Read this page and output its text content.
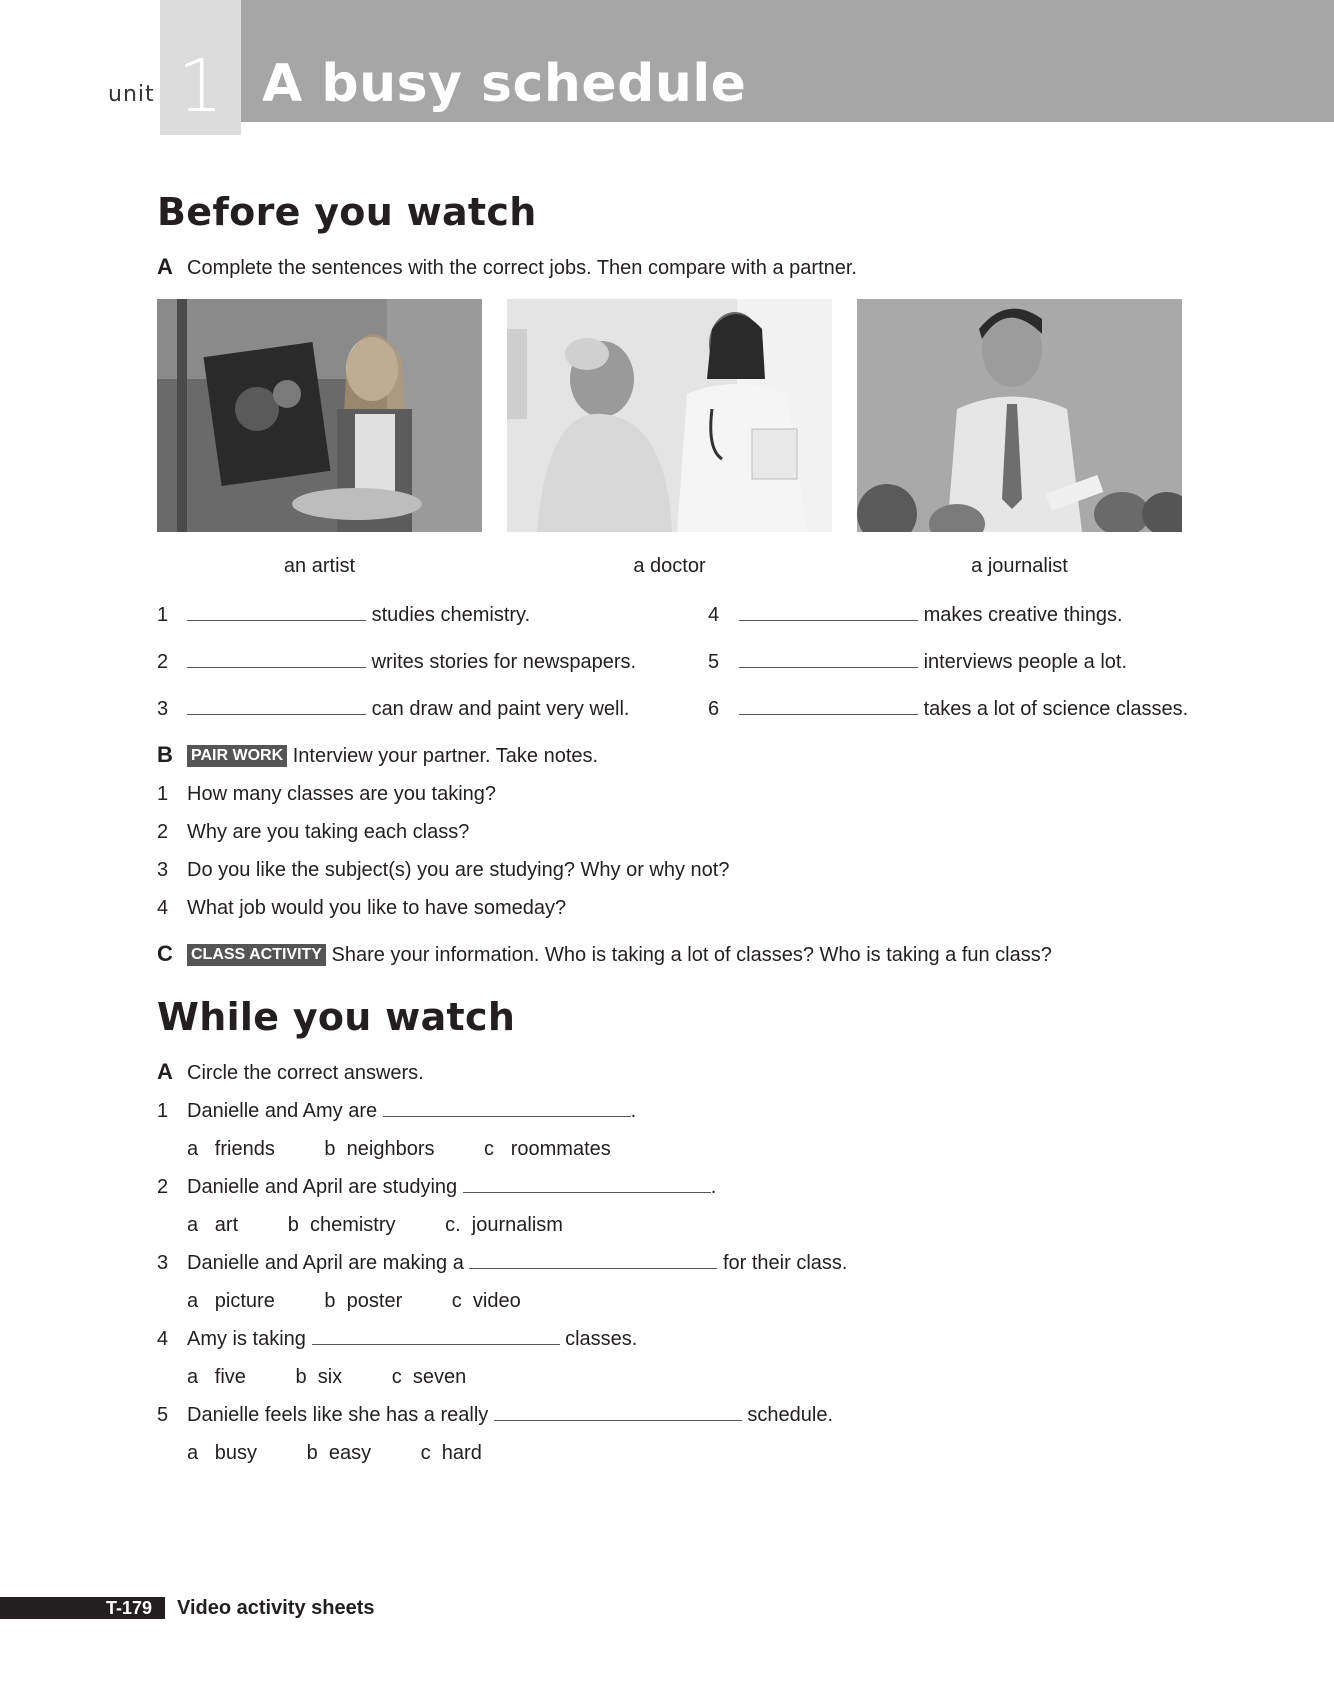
1
unit A busy schedule
Before you watch
A Complete the sentences with the correct jobs. Then compare with a partner.
an artist	a doctor	a journalist
1	studies chemistry.
2	writes stories for newspapers.
3	can draw and paint very well.
4	makes creative things.
5	interviews people a lot.
6	takes a lot of science classes.
B PAIR WORK Interview your partner. Take notes.
1 How many classes are you taking?
2 Why are you taking each class?
3 Do you like the subject(s) you are studying? Why or why not?
4 What job would you like to have someday?
C CLASS ACTIVITY Share your information. Who is taking a lot of classes? Who is taking a fun class?
While you watch
A Circle the correct answers.
1 Danielle and Amy are	.
a friends b neighbors c roommates
2 Danielle and April are studying	.
a art b chemistry c. journalism
3 Danielle and April are making a	for their class.
a picture b poster c video
4 Amy is taking	classes.
a five b six c seven
5 Danielle feels like she has a really	schedule.
a busy b easy c hard
T-179 Video activity sheets
